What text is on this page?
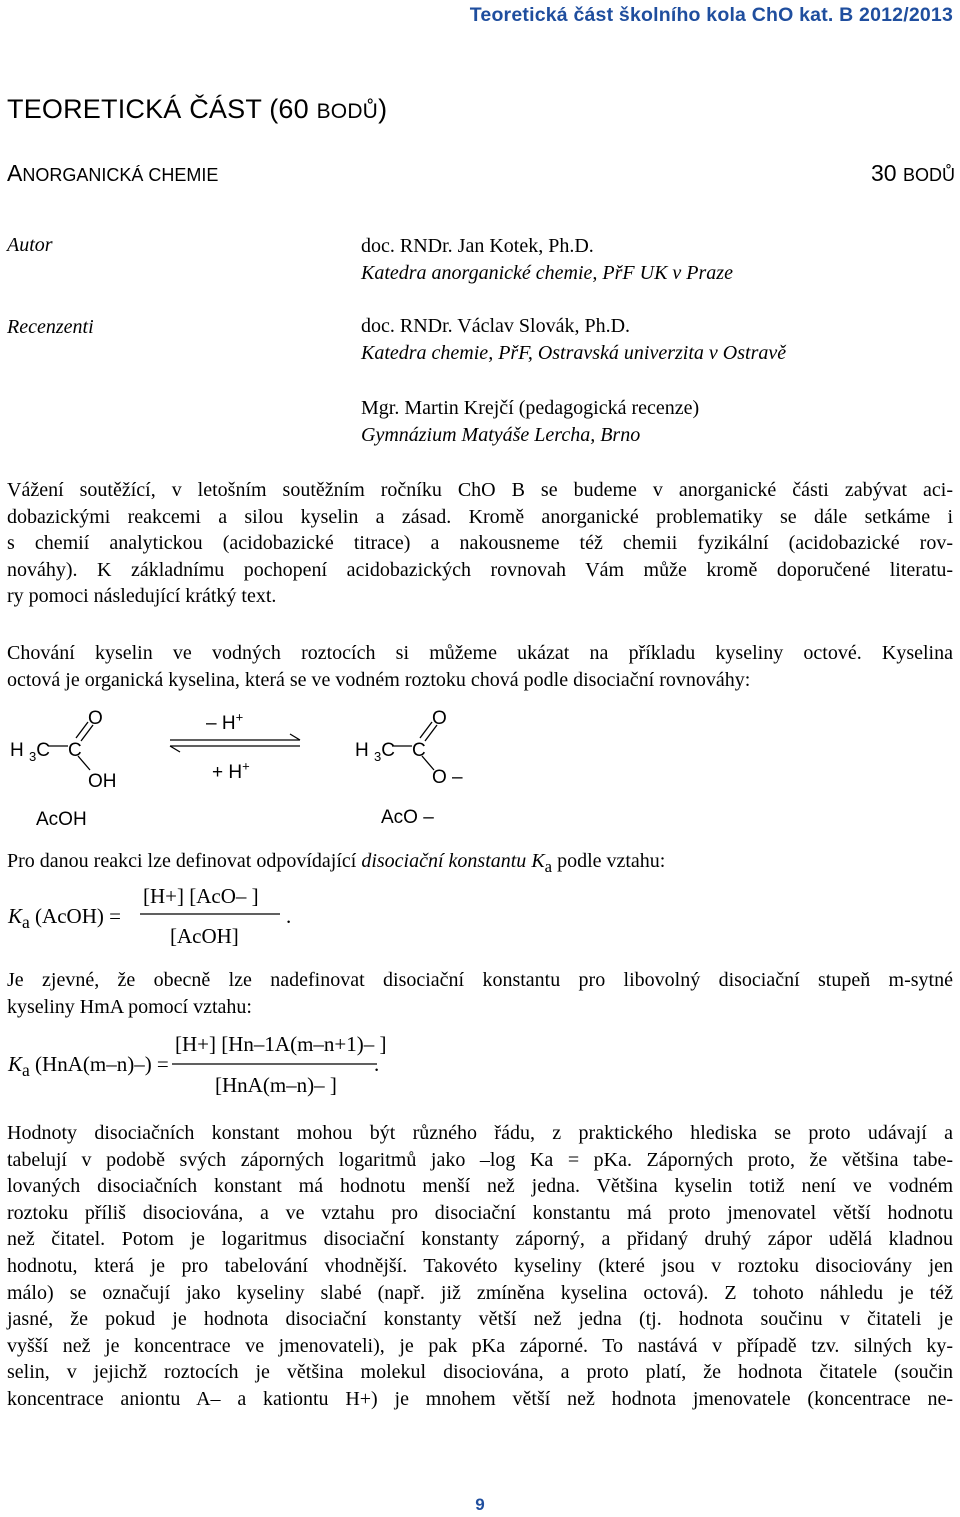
Teoretická část školního kola ChO kat. B 2012/2013
TEORETICKÁ ČÁST (60 BODŮ)
ANORGANICKÁ CHEMIE	30 BODŮ
Autor
Recenzenti
doc. RNDr. Jan Kotek, Ph.D.
Katedra anorganické chemie, PřF UK v Praze
doc. RNDr. Václav Slovák, Ph.D.
Katedra chemie, PřF, Ostravská univerzita v Ostravě
Mgr. Martin Krejčí (pedagogická recenze)
Gymnázium Matyáše Lercha, Brno
Vážení soutěžící, v letošním soutěžním ročníku ChO B se budeme v anorganické části zabývat aci-
dobazickými reakcemi a silou kyselin a zásad. Kromě anorganické problematiky se dále setkáme i
s chemií analytickou (acidobazické titrace) a nakousneme též chemii fyzikální (acidobazické rov-
nováhy). K základnímu pochopení acidobazických rovnovah Vám může kromě doporučené literatu-
ry pomoci následující krátký text.
Chování kyselin ve vodných roztocích si můžeme ukázat na příkladu kyseliny octové. Kyselina
octová je organická kyselina, která se ve vodném roztoku chová podle disociační rovnováhy:
H $_3$C C
O
OH
AcOH
– H+
+ H+
H $_3$C C
O
O –
AcO –
Pro danou reakci lze definovat odpovídající disociační konstantu $K_a$ podle vztahu:
$K_a$ (AcOH) =
[H+] [AcO– ]
[AcOH]
.
Je zjevné, že obecně lze nadefinovat disociační konstantu pro libovolný disociační stupeň m-sytné
kyseliny HmA pomocí vztahu:
$K_a$ (HnA(m–n)–) =
[H+] [Hn–1A(m–n+1)– ]
[HnA(m–n)– ]
.
Hodnoty disociačních konstant mohou být různého řádu, z praktického hlediska se proto udávají a
tabelují v podobě svých záporných logaritmů jako –log Ka = pKa. Záporných proto, že většina tabe-
lovaných disociačních konstant má hodnotu menší než jedna. Většina kyselin totiž není ve vodném
roztoku příliš disociována, a ve vztahu pro disociační konstantu má proto jmenovatel větší hodnotu
než čitatel. Potom je logaritmus disociační konstanty záporný, a přidaný druhý zápor udělá kladnou
hodnotu, která je pro tabelování vhodnější. Takovéto kyseliny (které jsou v roztoku disociovány jen
málo) se označují jako kyseliny slabé (např. již zmíněna kyselina octová). Z tohoto náhledu je též
jasné, že pokud je hodnota disociační konstanty větší než jedna (tj. hodnota součinu v čitateli je
vyšší než je koncentrace ve jmenovateli), je pak pKa záporné. To nastává v případě tzv. silných ky-
selin, v jejichž roztocích je většina molekul disociována, a proto platí, že hodnota čitatele (součin
koncentrace aniontu A– a kationtu H+) je mnohem větší než hodnota jmenovatele (koncentrace ne-
9
